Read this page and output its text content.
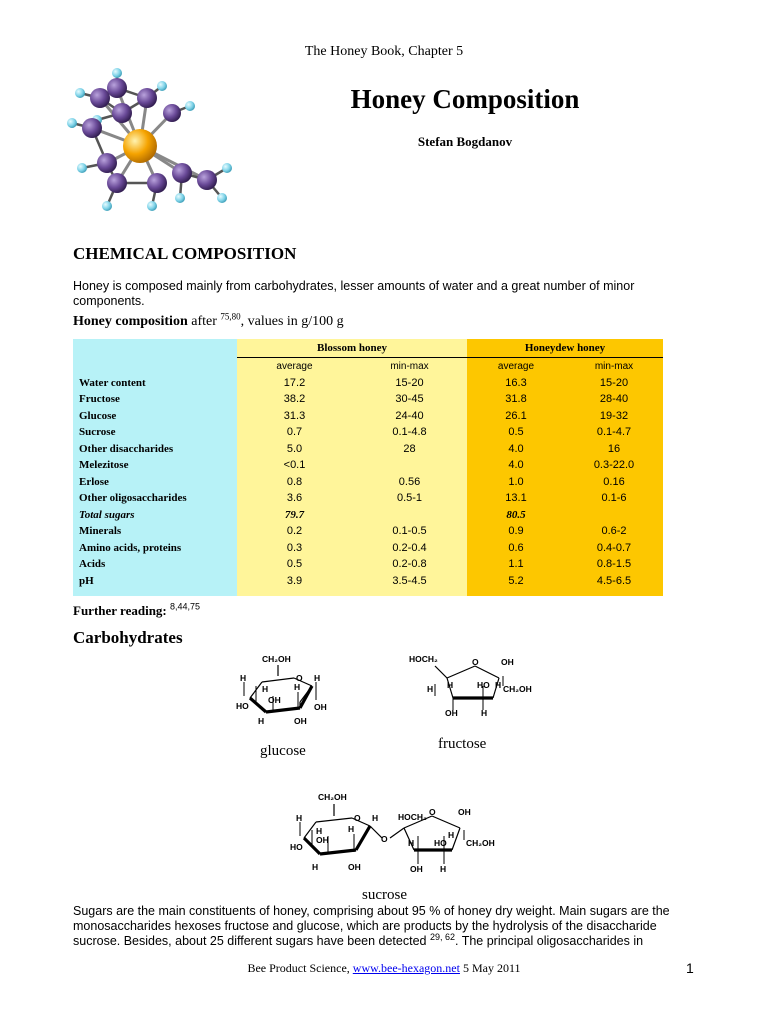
The Honey Book, Chapter 5
Honey Composition
Stefan Bogdanov
CHEMICAL COMPOSITION
Honey is composed mainly from carbohydrates, lesser amounts of water and a great number of minor components.
Honey composition after $^{75,80}$, values in g/100 g
	Blossom honey		Honeydew honey	
	average	min-max	average	min-max
Water content	17.2	15-20	16.3	15-20
Fructose	38.2	30-45	31.8	28-40
Glucose	31.3	24-40	26.1	19-32
Sucrose	0.7	0.1-4.8	0.5	0.1-4.7
Other disaccharides	5.0	28	4.0	16
Melezitose	<0.1		4.0	0.3-22.0
Erlose	0.8	0.56	1.0	0.16
Other oligosaccharides	3.6	0.5-1	13.1	0.1-6
Total sugars	79.7		80.5	
Minerals	0.2	0.1-0.5	0.9	0.6-2
Amino acids, proteins	0.3	0.2-0.4	0.6	0.4-0.7
Acids	0.5	0.2-0.8	1.1	0.8-1.5
pH	3.9	3.5-4.5	5.2	4.5-6.5
Further reading: $^{8,44,75}$
Carbohydrates
CH₂OH
O
H
H
OH
H
H
HO	OH
H	OH
glucose
HOCH₂	O	OH
H H	HO H CH₂OH
OH	H
fructose
CH₂OH
O
H
H
OH
H
H
HO
H	OH
O
HOCH₂ O	OH
H HO
H
CH₂OH
OH H
sucrose
Sugars are the main constituents of honey, comprising about 95 % of honey dry weight. Main sugars are the monosaccharides hexoses fructose and glucose, which are products by the hydrolysis of the disaccharide sucrose. Besides, about 25 different sugars have been detected $^{29, 62}$. The principal oligosaccharides in
Bee Product Science, www.bee-hexagon.net 5 May 2011	1
